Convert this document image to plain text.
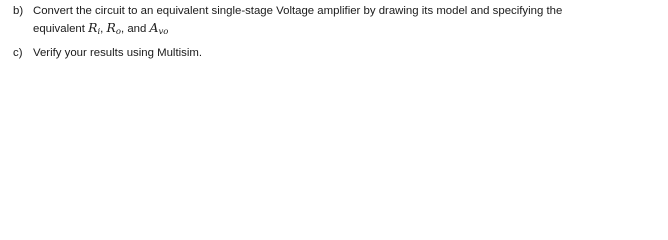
b) Convert the circuit to an equivalent single-stage Voltage amplifier by drawing its model and specifying the
equivalent $R_i$, $R_o$, and $A_{vo}$
c) Verify your results using Multisim.
